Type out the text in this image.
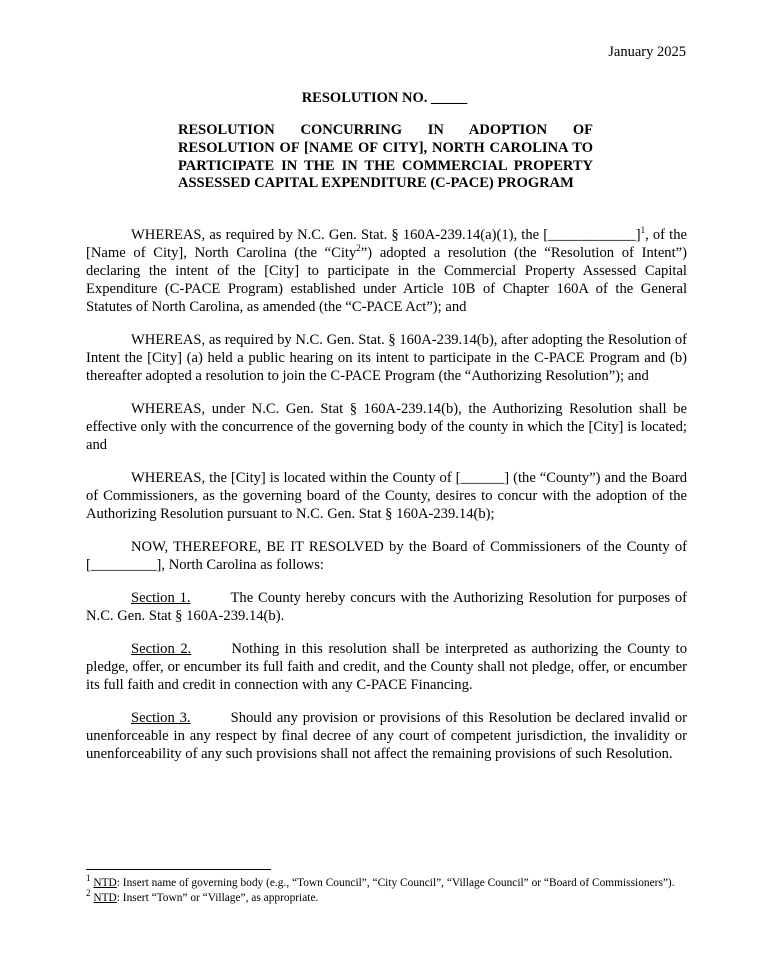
January 2025
RESOLUTION NO. _____
RESOLUTION CONCURRING IN ADOPTION OF RESOLUTION OF [NAME OF CITY], NORTH CAROLINA TO PARTICIPATE IN THE IN THE COMMERCIAL PROPERTY ASSESSED CAPITAL EXPENDITURE (C-PACE) PROGRAM

WHEREAS, as required by N.C. Gen. Stat. § 160A-239.14(a)(1), the [____________]$^1$, of the [Name of City], North Carolina (the “City$^2$”) adopted a resolution (the “Resolution of Intent”) declaring the intent of the [City] to participate in the Commercial Property Assessed Capital Expenditure (C-PACE Program) established under Article 10B of Chapter 160A of the General Statutes of North Carolina, as amended (the “C-PACE Act”); and

WHEREAS, as required by N.C. Gen. Stat. § 160A-239.14(b), after adopting the Resolution of Intent the [City] (a) held a public hearing on its intent to participate in the C-PACE Program and (b) thereafter adopted a resolution to join the C-PACE Program (the “Authorizing Resolution”); and

WHEREAS, under N.C. Gen. Stat § 160A-239.14(b), the Authorizing Resolution shall be effective only with the concurrence of the governing body of the county in which the [City] is located; and

WHEREAS, the [City] is located within the County of [______] (the “County”) and the Board of Commissioners, as the governing board of the County, desires to concur with the adoption of the Authorizing Resolution pursuant to N.C. Gen. Stat § 160A-239.14(b);

NOW, THEREFORE, BE IT RESOLVED by the Board of Commissioners of the County of [_________], North Carolina as follows:

Section 1.	The County hereby concurs with the Authorizing Resolution for purposes of N.C. Gen. Stat § 160A-239.14(b).

Section 2.	Nothing in this resolution shall be interpreted as authorizing the County to pledge, offer, or encumber its full faith and credit, and the County shall not pledge, offer, or encumber its full faith and credit in connection with any C-PACE Financing.

Section 3.	Should any provision or provisions of this Resolution be declared invalid or unenforceable in any respect by final decree of any court of competent jurisdiction, the invalidity or unenforceability of any such provisions shall not affect the remaining provisions of such Resolution.

$^1$ NTD: Insert name of governing body (e.g., “Town Council”, “City Council”, “Village Council” or “Board of Commissioners”).

$^2$ NTD: Insert “Town” or “Village”, as appropriate.
